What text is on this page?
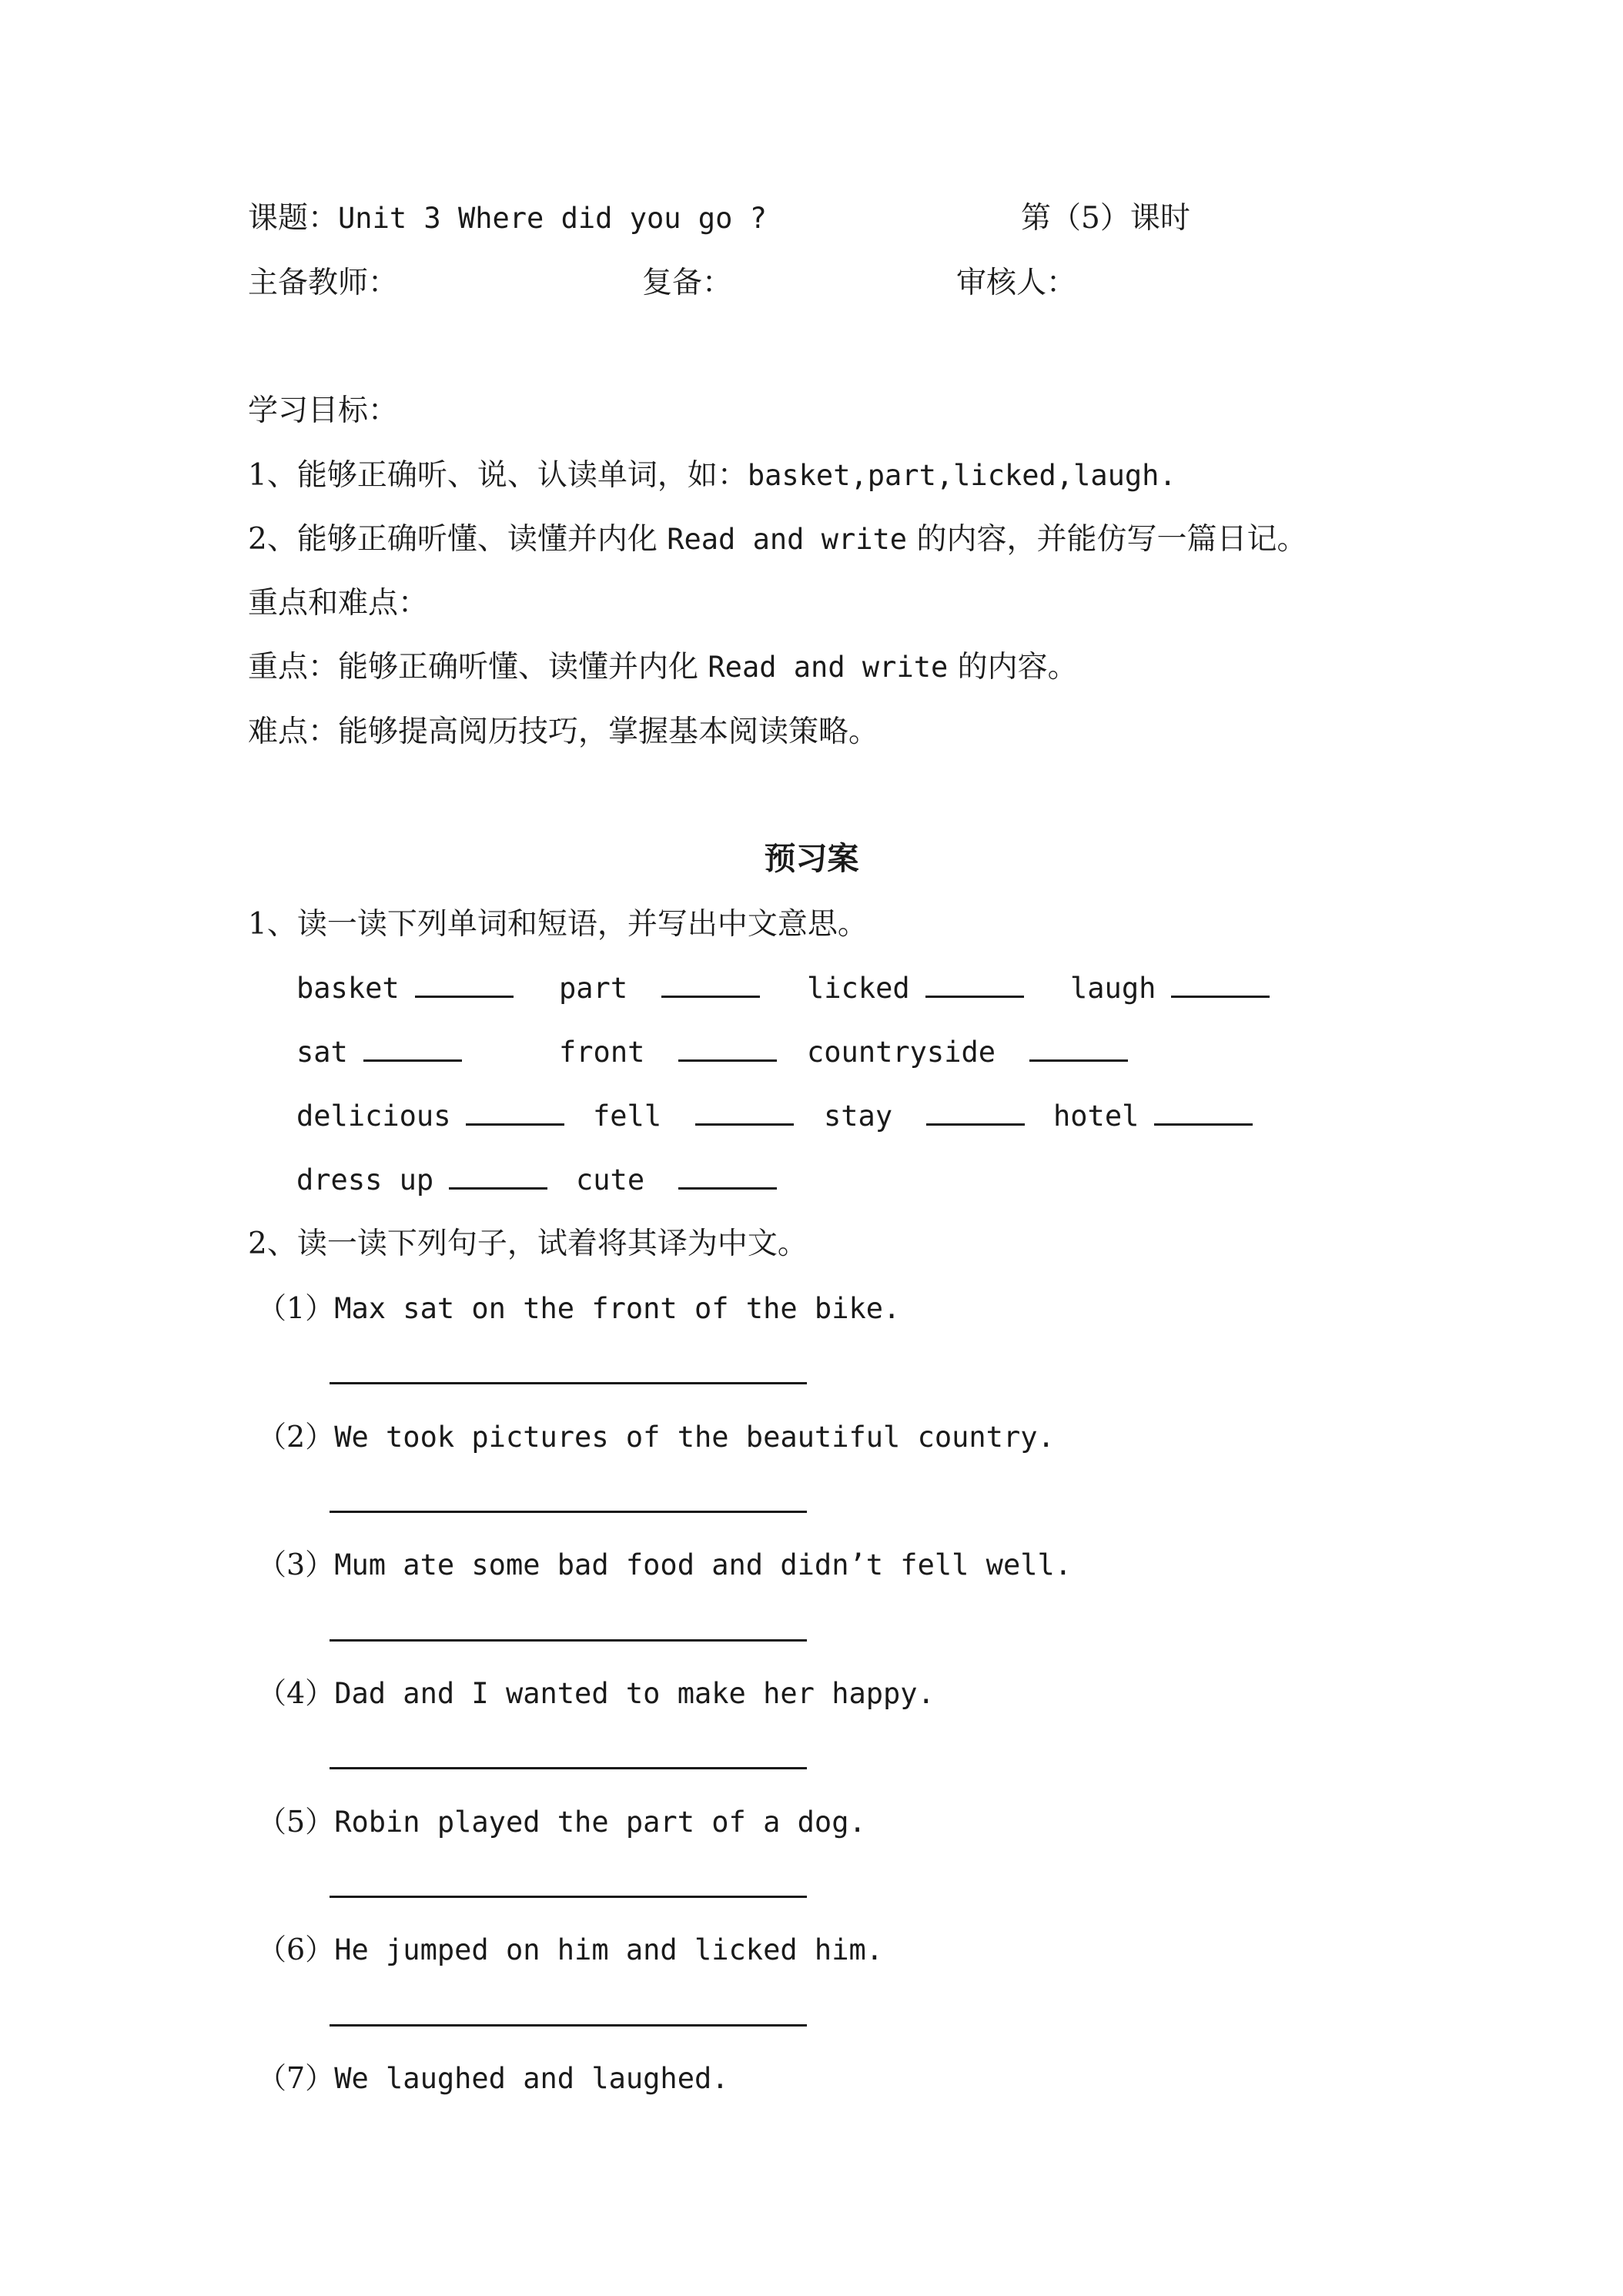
课题：Unit 3 Where did you go ?	第（5）课时
主备教师：	复备：	审核人：
学习目标：
1、能够正确听、说、认读单词，如：basket,part,licked,laugh.
2、能够正确听懂、读懂并内化 Read and write 的内容，并能仿写一篇日记。
重点和难点：
重点：能够正确听懂、读懂并内化 Read and write 的内容。
难点：能够提高阅历技巧，掌握基本阅读策略。
预习案
1、读一读下列单词和短语，并写出中文意思。
basket	part	licked	laugh
sat	front	countryside
delicious	fell	stay	hotel
dress up	cute
2、读一读下列句子，试着将其译为中文。
（1）Max sat on the front of the bike.
（2）We took pictures of the beautiful country.
（3）Mum ate some bad food and didn’t fell well.
（4）Dad and I wanted to make her happy.
（5）Robin played the part of a dog.
（6）He jumped on him and licked him.
（7）We laughed and laughed.
